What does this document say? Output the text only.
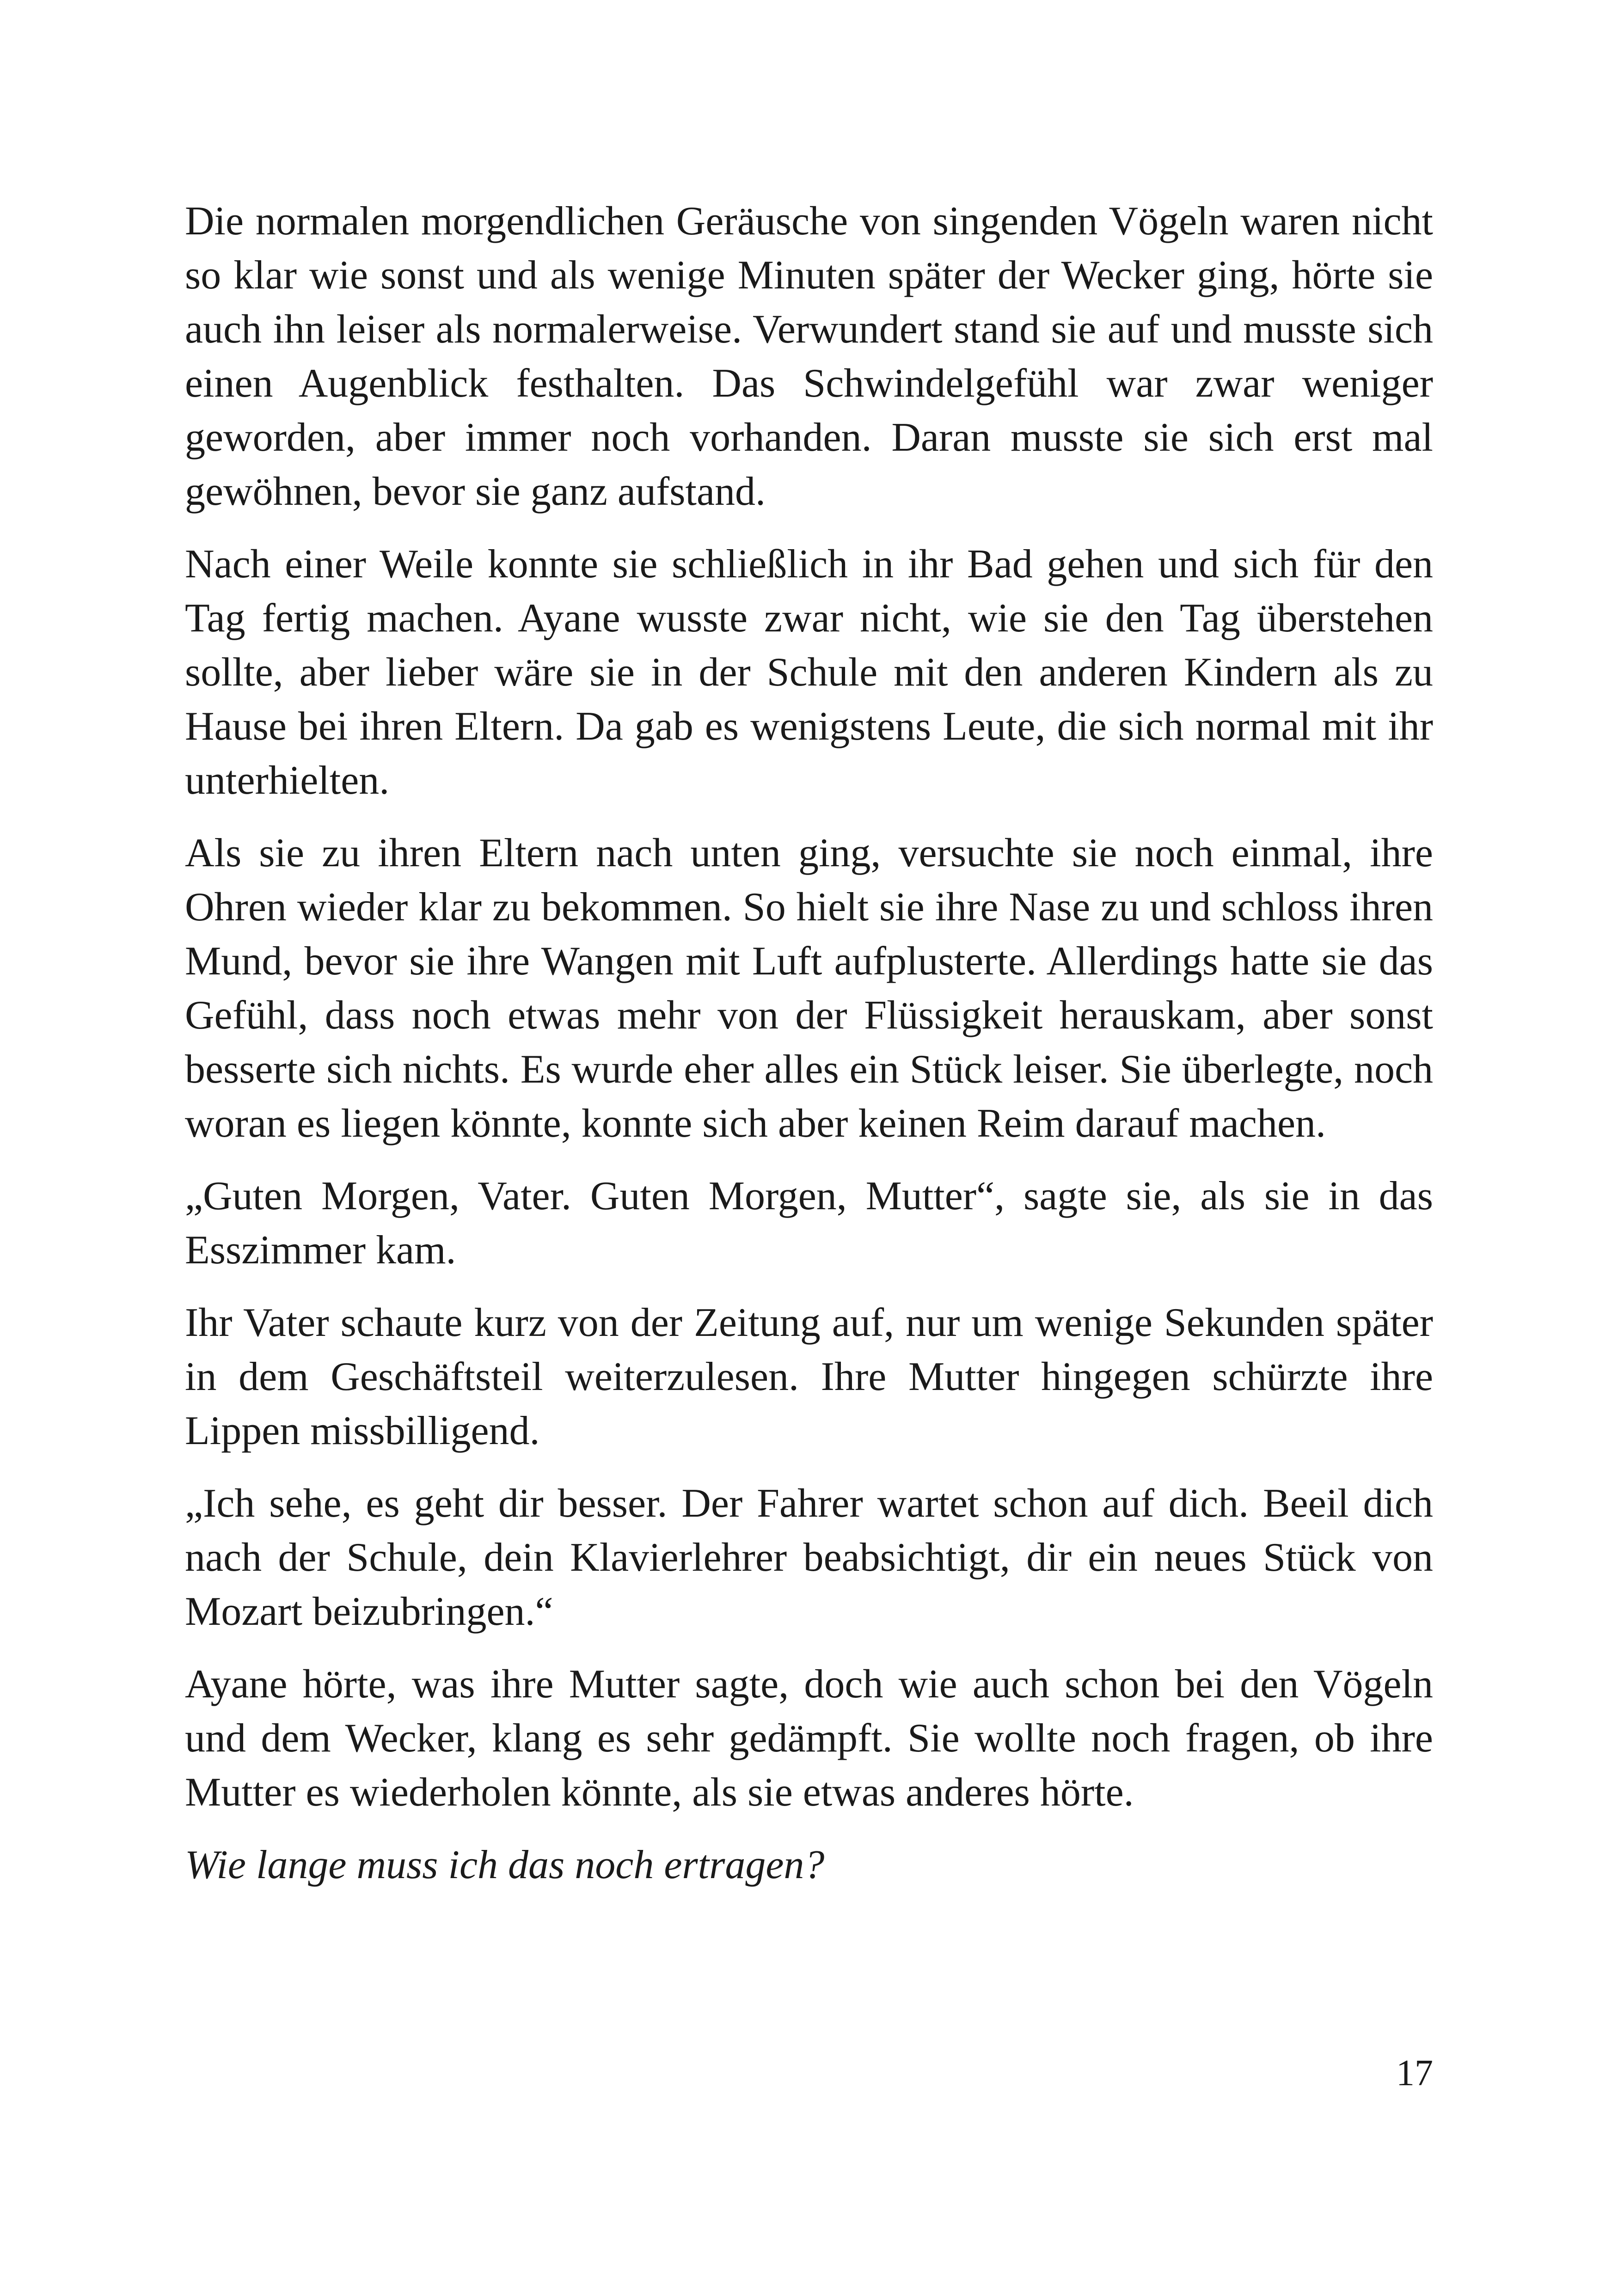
Die normalen morgendlichen Geräusche von singenden Vögeln waren nicht so klar wie sonst und als wenige Minuten später der Wecker ging, hörte sie auch ihn leiser als normalerweise. Verwundert stand sie auf und musste sich einen Augenblick festhalten. Das Schwindelgefühl war zwar weniger geworden, aber immer noch vorhanden. Daran musste sie sich erst mal gewöhnen, bevor sie ganz aufstand.

Nach einer Weile konnte sie schließlich in ihr Bad gehen und sich für den Tag fertig machen. Ayane wusste zwar nicht, wie sie den Tag überstehen sollte, aber lieber wäre sie in der Schule mit den anderen Kindern als zu Hause bei ihren Eltern. Da gab es wenigstens Leute, die sich normal mit ihr unterhielten.

Als sie zu ihren Eltern nach unten ging, versuchte sie noch einmal, ihre Ohren wieder klar zu bekommen. So hielt sie ihre Nase zu und schloss ihren Mund, bevor sie ihre Wangen mit Luft aufplusterte. Allerdings hatte sie das Gefühl, dass noch etwas mehr von der Flüssigkeit herauskam, aber sonst besserte sich nichts. Es wurde eher alles ein Stück leiser. Sie überlegte, noch woran es liegen könnte, konnte sich aber keinen Reim darauf machen.

„Guten Morgen, Vater. Guten Morgen, Mutter“, sagte sie, als sie in das Esszimmer kam.

Ihr Vater schaute kurz von der Zeitung auf, nur um wenige Sekunden später in dem Geschäftsteil weiterzulesen. Ihre Mutter hingegen schürzte ihre Lippen missbilligend.

„Ich sehe, es geht dir besser. Der Fahrer wartet schon auf dich. Beeil dich nach der Schule, dein Klavierlehrer beabsichtigt, dir ein neues Stück von Mozart beizubringen.“

Ayane hörte, was ihre Mutter sagte, doch wie auch schon bei den Vögeln und dem Wecker, klang es sehr gedämpft. Sie wollte noch fragen, ob ihre Mutter es wiederholen könnte, als sie etwas anderes hörte.

Wie lange muss ich das noch ertragen?

17
